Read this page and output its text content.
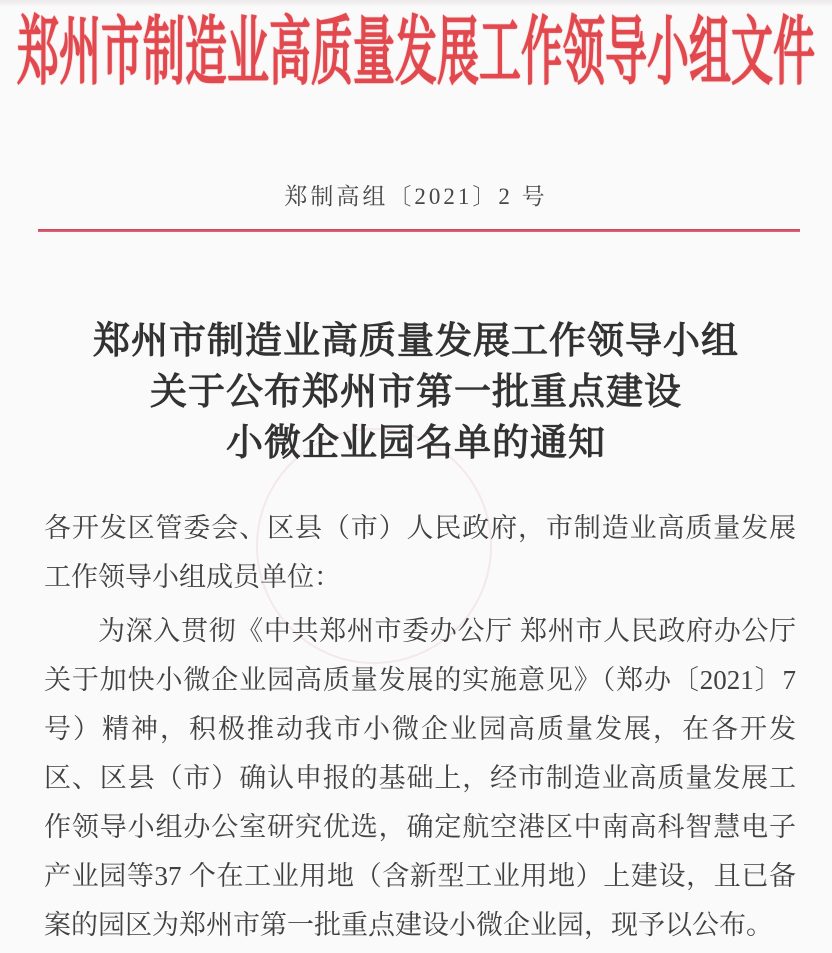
郑州市制造业高质量发展工作领导小组文件
郑制高组〔2021〕2 号
郑州市制造业高质量发展工作领导小组
关于公布郑州市第一批重点建设
小微企业园名单的通知

各开发区管委会、区县（市）人民政府，市制造业高质量发展工作领导小组成员单位：

为深入贯彻《中共郑州市委办公厅 郑州市人民政府办公厅关于加快小微企业园高质量发展的实施意见》（郑办〔2021〕7号）精神，积极推动我市小微企业园高质量发展，在各开发区、区县（市）确认申报的基础上，经市制造业高质量发展工作领导小组办公室研究优选，确定航空港区中南高科智慧电子产业园等37 个在工业用地（含新型工业用地）上建设，且已备案的园区为郑州市第一批重点建设小微企业园，现予以公布。
